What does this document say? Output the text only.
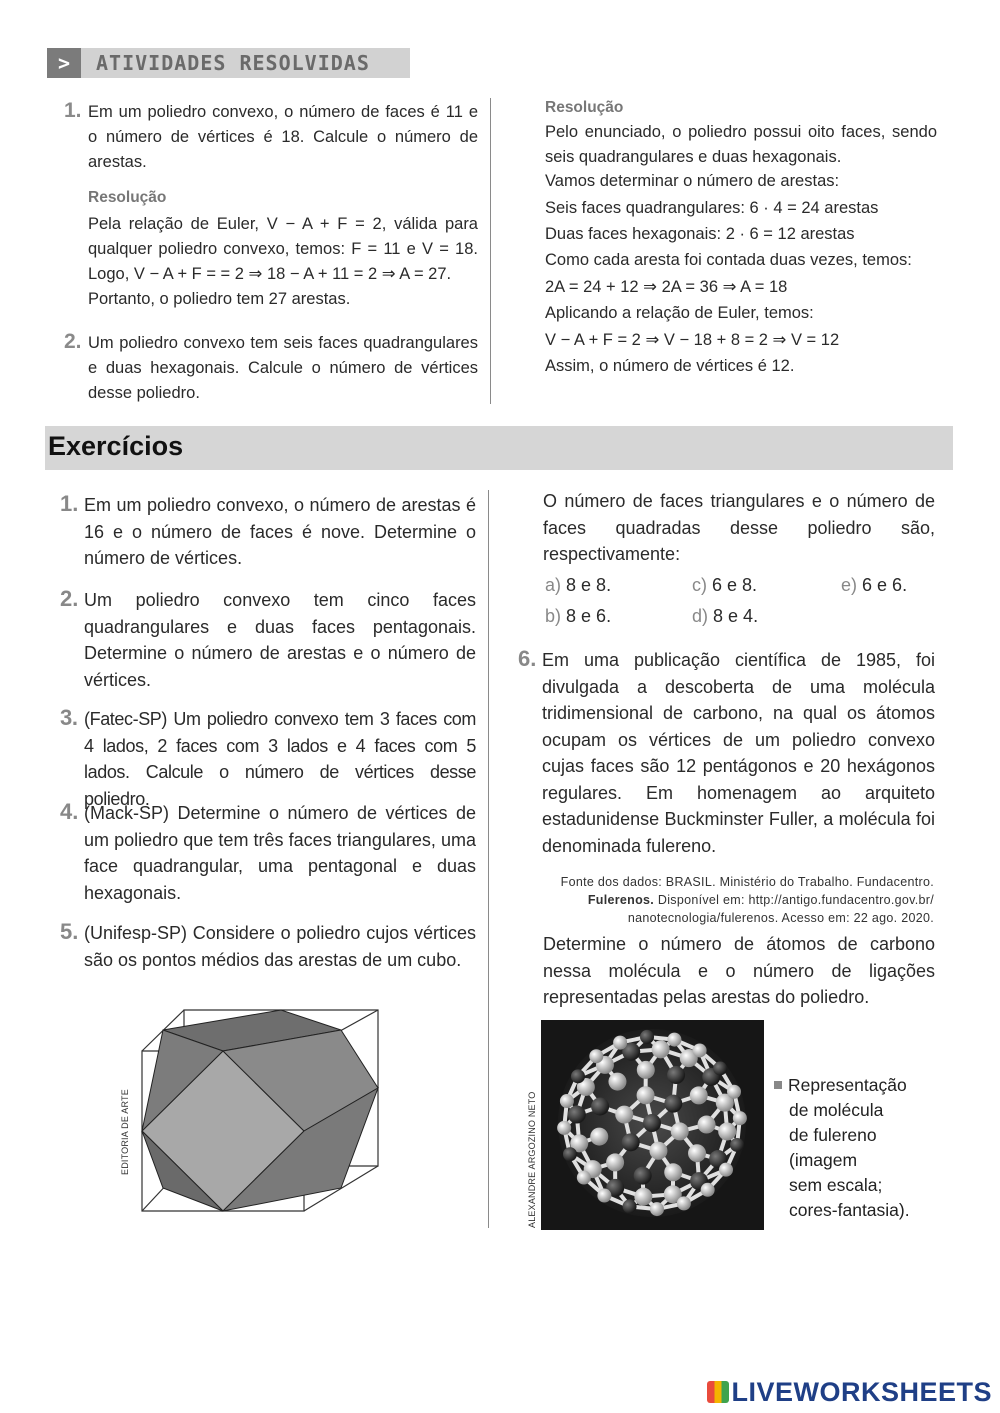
>	ATIVIDADES RESOLVIDAS
1. Em um poliedro convexo, o número de faces é 11 e o número de vértices é 18. Calcule o número de arestas.
Resolução
Pela relação de Euler, V − A + F = 2, válida para qualquer poliedro convexo, temos: F = 11 e V = 18. Logo, V − A + F = = 2 ⇒ 18 − A + 11 = 2 ⇒ A = 27.
Portanto, o poliedro tem 27 arestas.
2. Um poliedro convexo tem seis faces quadrangulares e duas hexagonais. Calcule o número de vértices desse poliedro.
Resolução
Pelo enunciado, o poliedro possui oito faces, sendo seis quadrangulares e duas hexagonais.
Vamos determinar o número de arestas:
Seis faces quadrangulares: 6 · 4 = 24 arestas
Duas faces hexagonais: 2 · 6 = 12 arestas
Como cada aresta foi contada duas vezes, temos:
2A = 24 + 12 ⇒ 2A = 36 ⇒ A = 18
Aplicando a relação de Euler, temos:
V − A + F = 2 ⇒ V − 18 + 8 = 2 ⇒ V = 12
Assim, o número de vértices é 12.
Exercícios
1. Em um poliedro convexo, o número de arestas é 16 e o número de faces é nove. Determine o número de vértices.
2. Um poliedro convexo tem cinco faces quadrangulares e duas faces pentagonais. Determine o número de arestas e o número de vértices.
3. (Fatec-SP) Um poliedro convexo tem 3 faces com 4 lados, 2 faces com 3 lados e 4 faces com 5 lados. Calcule o número de vértices desse poliedro.
4. (Mack-SP) Determine o número de vértices de um poliedro que tem três faces triangulares, uma face quadrangular, uma pentagonal e duas hexagonais.
5. (Unifesp-SP) Considere o poliedro cujos vértices são os pontos médios das arestas de um cubo.
EDITORIA DE ARTE
O número de faces triangulares e o número de faces quadradas desse poliedro são, respectivamente:
a) 8 e 8.	c) 6 e 8.	e) 6 e 6.
b) 8 e 6.	d) 8 e 4.
6. Em uma publicação científica de 1985, foi divulgada a descoberta de uma molécula tridimensional de carbono, na qual os átomos ocupam os vértices de um poliedro convexo cujas faces são 12 pentágonos e 20 hexágonos regulares. Em homenagem ao arquiteto estadunidense Buckminster Fuller, a molécula foi denominada fulereno.
Fonte dos dados: BRASIL. Ministério do Trabalho. Fundacentro.
Fulerenos. Disponível em: http://antigo.fundacentro.gov.br/
nanotecnologia/fulerenos. Acesso em: 22 ago. 2020.
Determine o número de átomos de carbono nessa molécula e o número de ligações representadas pelas arestas do poliedro.
ALEXANDRE ARGOZINO NETO
Representação
de molécula
de fulereno
(imagem
sem escala;
cores-fantasia).
LIVEWORKSHEETS
